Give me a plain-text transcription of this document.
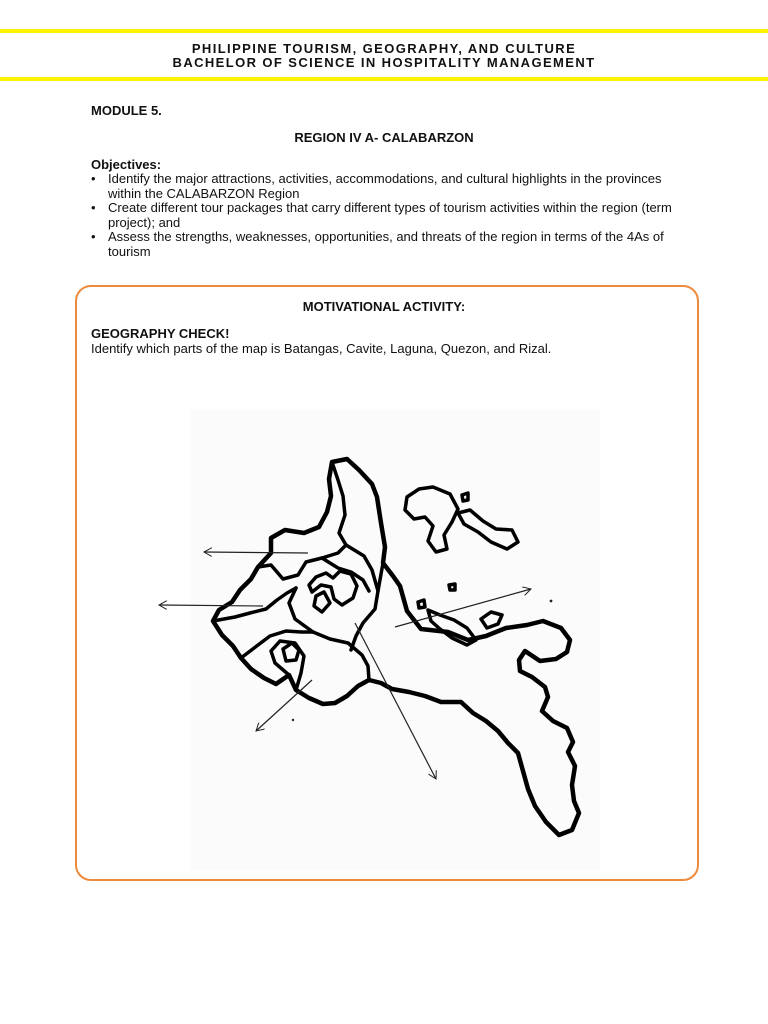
PHILIPPINE TOURISM, GEOGRAPHY, AND CULTURE
BACHELOR OF SCIENCE IN HOSPITALITY MANAGEMENT
MODULE 5.
REGION IV A- CALABARZON
Objectives:
• Identify the major attractions, activities, accommodations, and cultural highlights in the provinces within the CALABARZON Region
• Create different tour packages that carry different types of tourism activities within the region (term project); and
• Assess the strengths, weaknesses, opportunities, and threats of the region in terms of the 4As of tourism
MOTIVATIONAL ACTIVITY:
GEOGRAPHY CHECK!
Identify which parts of the map is Batangas, Cavite, Laguna, Quezon, and Rizal.
